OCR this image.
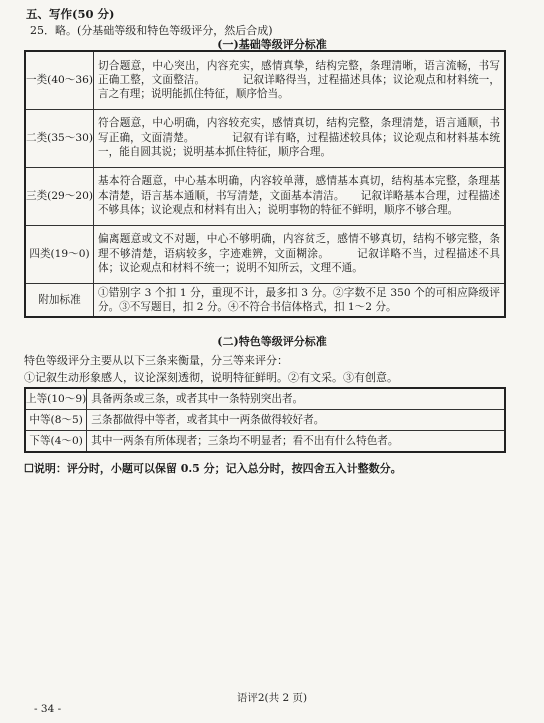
五、写作(50 分)
25．略。(分基础等级和特色等级评分，然后合成)
(一)基础等级评分标准
一类(40～36)	切合题意，中心突出，内容充实，感情真挚，结构完整，条理清晰，语言流畅，书写正确工整，文面整洁。　　　　记叙详略得当，过程描述具体；议论观点和材料统一，言之有理；说明能抓住特征，顺序恰当。
二类(35～30)	符合题意，中心明确，内容较充实，感情真切，结构完整，条理清楚，语言通顺，书写正确，文面清楚。　　　　记叙有详有略，过程描述较具体；议论观点和材料基本统一，能自圆其说；说明基本抓住特征，顺序合理。
三类(29～20)	基本符合题意，中心基本明确，内容较单薄，感情基本真切，结构基本完整，条理基本清楚，语言基本通顺，书写清楚，文面基本清洁。　　记叙详略基本合理，过程描述不够具体；议论观点和材料有出入；说明事物的特征不鲜明，顺序不够合理。
四类(19～0)	偏离题意或文不对题，中心不够明确，内容贫乏，感情不够真切，结构不够完整，条理不够清楚，语病较多，字迹难辨，文面糊涂。　　　记叙详略不当，过程描述不具体；议论观点和材料不统一；说明不知所云，文理不通。
附加标准	①错别字 3 个扣 1 分，重现不计，最多扣 3 分。②字数不足 350 个的可相应降级评分。③不写题目，扣 2 分。④不符合书信体格式，扣 1～2 分。
(二)特色等级评分标准
特色等级评分主要从以下三条来衡量，分三等来评分：
①记叙生动形象感人，议论深刻透彻，说明特征鲜明。②有文采。③有创意。
上等(10～9)	具备两条或三条，或者其中一条特别突出者。
中等(8～5)	三条都做得中等者，或者其中一两条做得较好者。
下等(4～0)	其中一两条有所体现者；三条均不明显者；看不出有什么特色者。
☐说明：评分时，小题可以保留 0.5 分；记入总分时，按四舍五入计整数分。
语评2(共 2 页)
- 34 -
